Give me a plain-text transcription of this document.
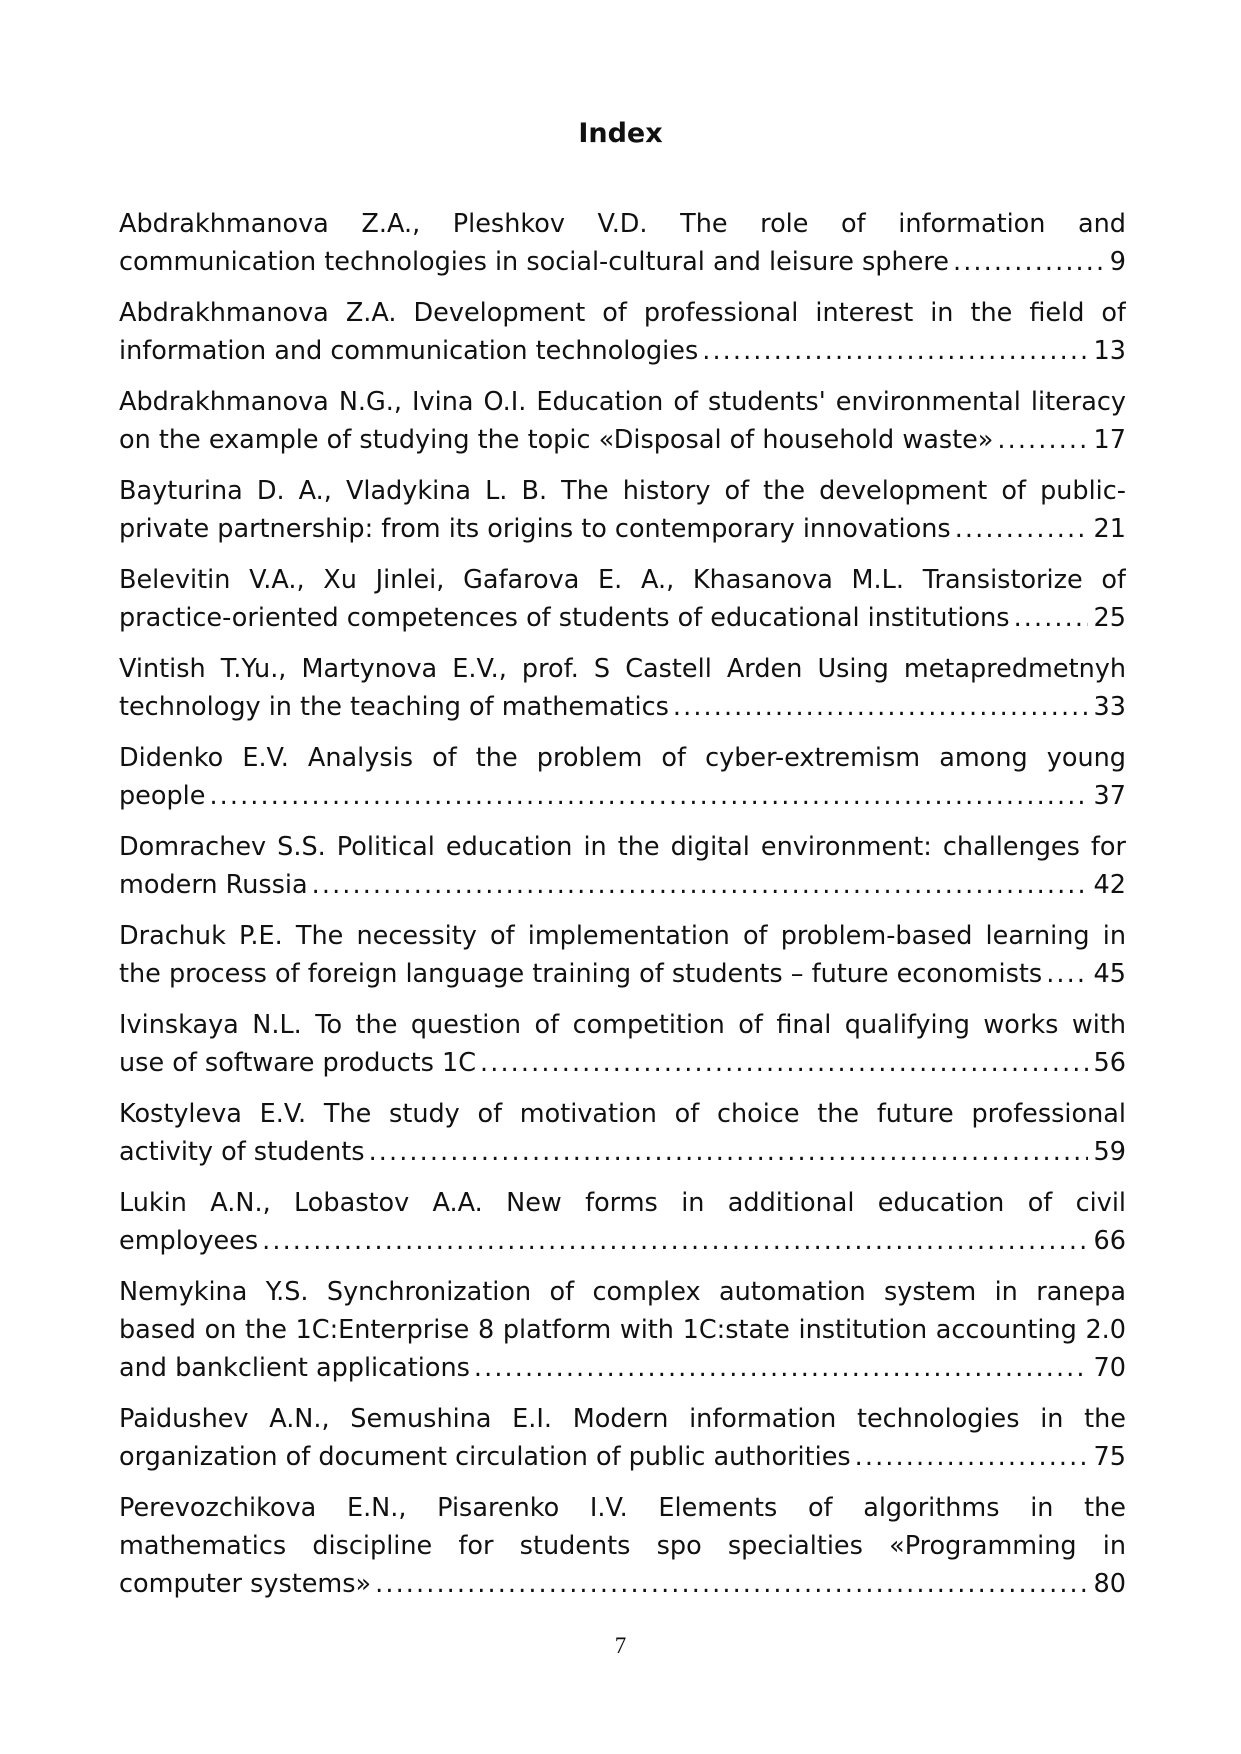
Index
Abdrakhmanova Z.A., Pleshkov V.D. The role of information and
communication technologies in social-cultural and leisure sphere . . .	9
Abdrakhmanova Z.A. Development of professional interest in the field of
information and communication technologies . . .	13
Abdrakhmanova N.G., Ivina O.I. Education of students' environmental literacy
on the example of studying the topic «Disposal of household waste» . . .	17
Bayturina D. A., Vladykina L. B. The history of the development of public-
private partnership: from its origins to contemporary innovations . . .	21
Belevitin V.A., Xu Jinlei, Gafarova E. A., Khasanova M.L. Transistorize of
practice-oriented competences of students of educational institutions . . .	25
Vintish T.Yu., Martynova E.V., prof. S Castell Arden Using metapredmetnyh
technology in the teaching of mathematics . . .	33
Didenko E.V. Analysis of the problem of cyber-extremism among young
people . . .	37
Domrachev S.S. Political education in the digital environment: challenges for
modern Russia . . .	42
Drachuk P.E. The necessity of implementation of problem-based learning in
the process of foreign language training of students – future economists . . . 45
Ivinskaya N.L. To the question of competition of final qualifying works with
use of software products 1C . . .	56
Kostyleva E.V. The study of motivation of choice the future professional
activity of students . . .	59
Lukin A.N., Lobastov A.A. New forms in additional education of civil
employees . . .	66
Nemykina Y.S. Synchronization of complex automation system in ranepa
based on the 1C:Enterprise 8 platform with 1C:state institution accounting 2.0
and bankclient applications . . .	70
Paidushev A.N., Semushina E.I. Modern information technologies in the
organization of document circulation of public authorities . . .	75
Perevozchikova E.N., Pisarenko I.V. Elements of algorithms in the
mathematics discipline for students spo specialties «Programming in
computer systems» . . .	80
7
